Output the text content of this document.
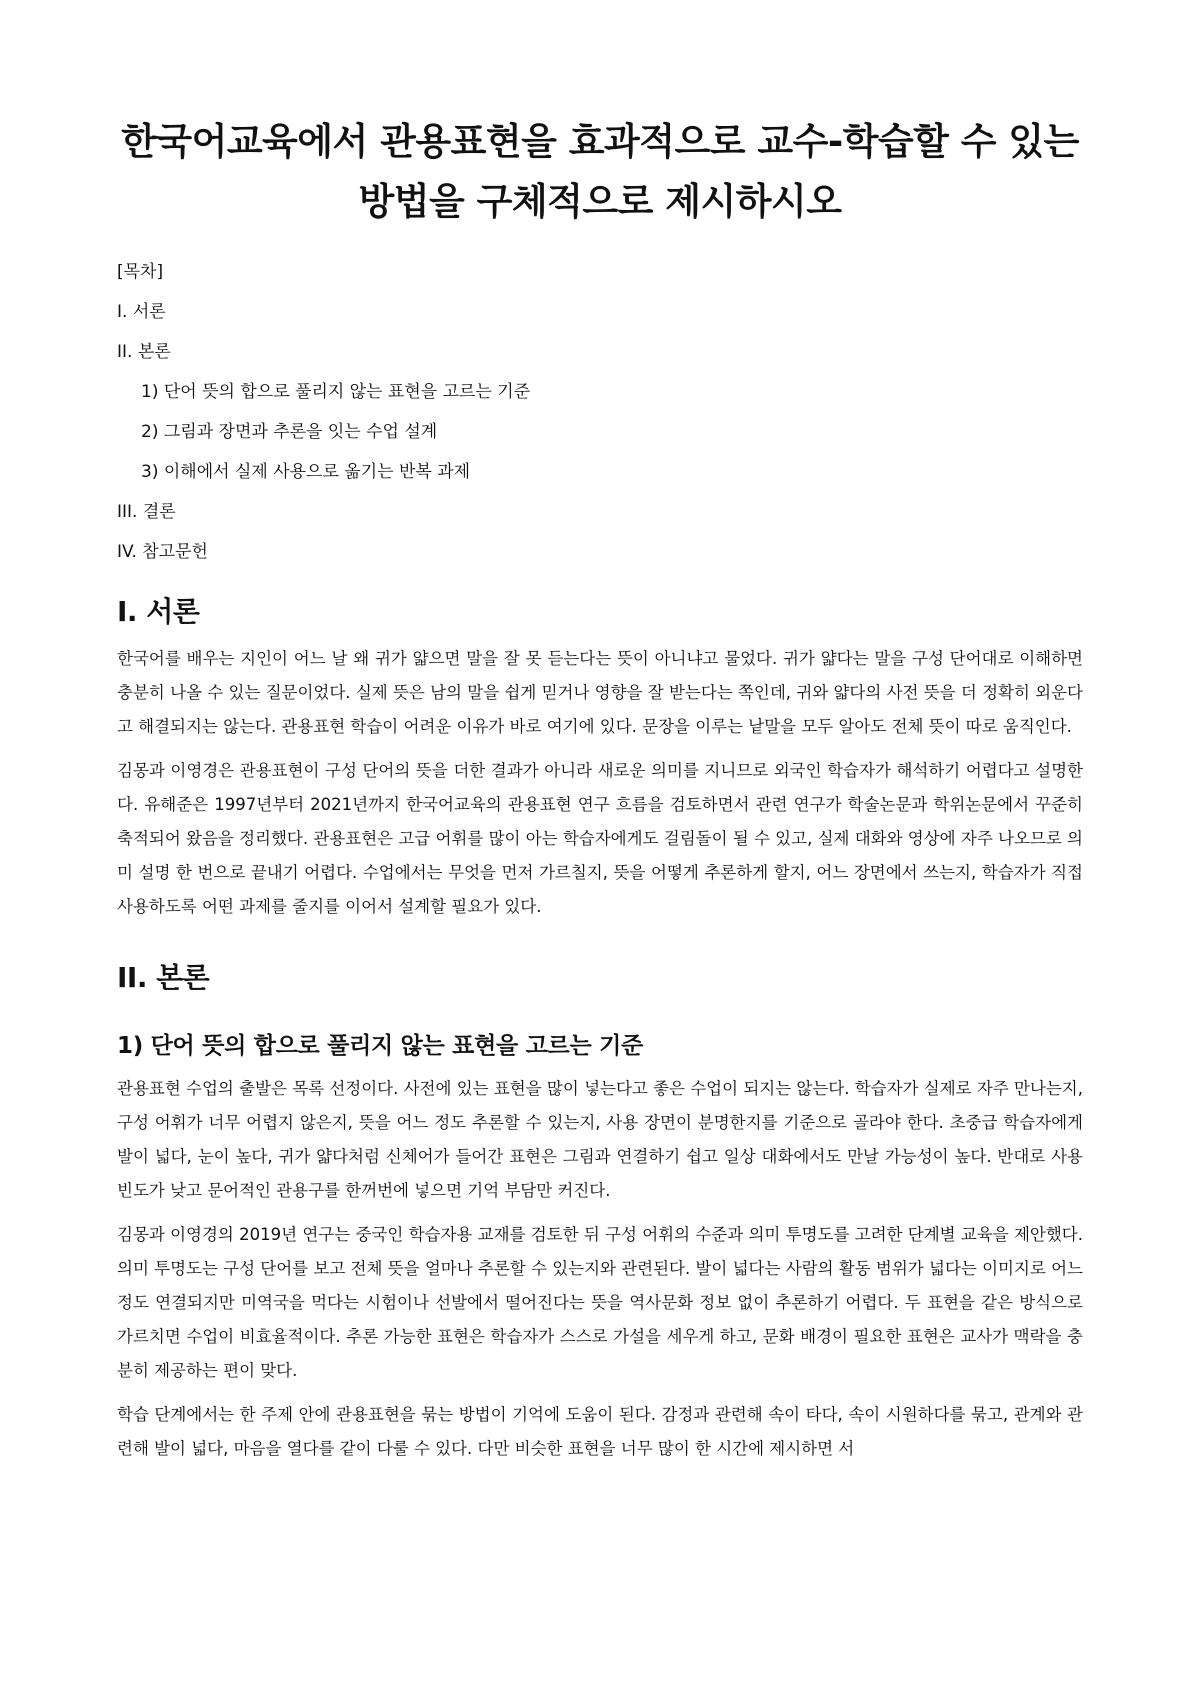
한국어교육에서 관용표현을 효과적으로 교수-학습할 수 있는
방법을 구체적으로 제시하시오
[목차]
I. 서론
II. 본론
1) 단어 뜻의 합으로 풀리지 않는 표현을 고르는 기준
2) 그림과 장면과 추론을 잇는 수업 설계
3) 이해에서 실제 사용으로 옮기는 반복 과제
III. 결론
IV. 참고문헌
I. 서론

한국어를 배우는 지인이 어느 날 왜 귀가 얇으면 말을 잘 못 듣는다는 뜻이 아니냐고 물었다. 귀가 얇다는 말을 구성 단어대로 이해하면 충분히 나올 수 있는 질문이었다. 실제 뜻은 남의 말을 쉽게 믿거나 영향을 잘 받는다는 쪽인데, 귀와 얇다의 사전 뜻을 더 정확히 외운다고 해결되지는 않는다. 관용표현 학습이 어려운 이유가 바로 여기에 있다. 문장을 이루는 낱말을 모두 알아도 전체 뜻이 따로 움직인다.

김몽과 이영경은 관용표현이 구성 단어의 뜻을 더한 결과가 아니라 새로운 의미를 지니므로 외국인 학습자가 해석하기 어렵다고 설명한다. 유해준은 1997년부터 2021년까지 한국어교육의 관용표현 연구 흐름을 검토하면서 관련 연구가 학술논문과 학위논문에서 꾸준히 축적되어 왔음을 정리했다. 관용표현은 고급 어휘를 많이 아는 학습자에게도 걸림돌이 될 수 있고, 실제 대화와 영상에 자주 나오므로 의미 설명 한 번으로 끝내기 어렵다. 수업에서는 무엇을 먼저 가르칠지, 뜻을 어떻게 추론하게 할지, 어느 장면에서 쓰는지, 학습자가 직접 사용하도록 어떤 과제를 줄지를 이어서 설계할 필요가 있다.

II. 본론
1) 단어 뜻의 합으로 풀리지 않는 표현을 고르는 기준

관용표현 수업의 출발은 목록 선정이다. 사전에 있는 표현을 많이 넣는다고 좋은 수업이 되지는 않는다. 학습자가 실제로 자주 만나는지, 구성 어휘가 너무 어렵지 않은지, 뜻을 어느 정도 추론할 수 있는지, 사용 장면이 분명한지를 기준으로 골라야 한다. 초중급 학습자에게 발이 넓다, 눈이 높다, 귀가 얇다처럼 신체어가 들어간 표현은 그림과 연결하기 쉽고 일상 대화에서도 만날 가능성이 높다. 반대로 사용 빈도가 낮고 문어적인 관용구를 한꺼번에 넣으면 기억 부담만 커진다.

김몽과 이영경의 2019년 연구는 중국인 학습자용 교재를 검토한 뒤 구성 어휘의 수준과 의미 투명도를 고려한 단계별 교육을 제안했다. 의미 투명도는 구성 단어를 보고 전체 뜻을 얼마나 추론할 수 있는지와 관련된다. 발이 넓다는 사람의 활동 범위가 넓다는 이미지로 어느 정도 연결되지만 미역국을 먹다는 시험이나 선발에서 떨어진다는 뜻을 역사문화 정보 없이 추론하기 어렵다. 두 표현을 같은 방식으로 가르치면 수업이 비효율적이다. 추론 가능한 표현은 학습자가 스스로 가설을 세우게 하고, 문화 배경이 필요한 표현은 교사가 맥락을 충분히 제공하는 편이 맞다.

학습 단계에서는 한 주제 안에 관용표현을 묶는 방법이 기억에 도움이 된다. 감정과 관련해 속이 타다, 속이 시원하다를 묶고, 관계와 관련해 발이 넓다, 마음을 열다를 같이 다룰 수 있다. 다만 비슷한 표현을 너무 많이 한 시간에 제시하면 서
